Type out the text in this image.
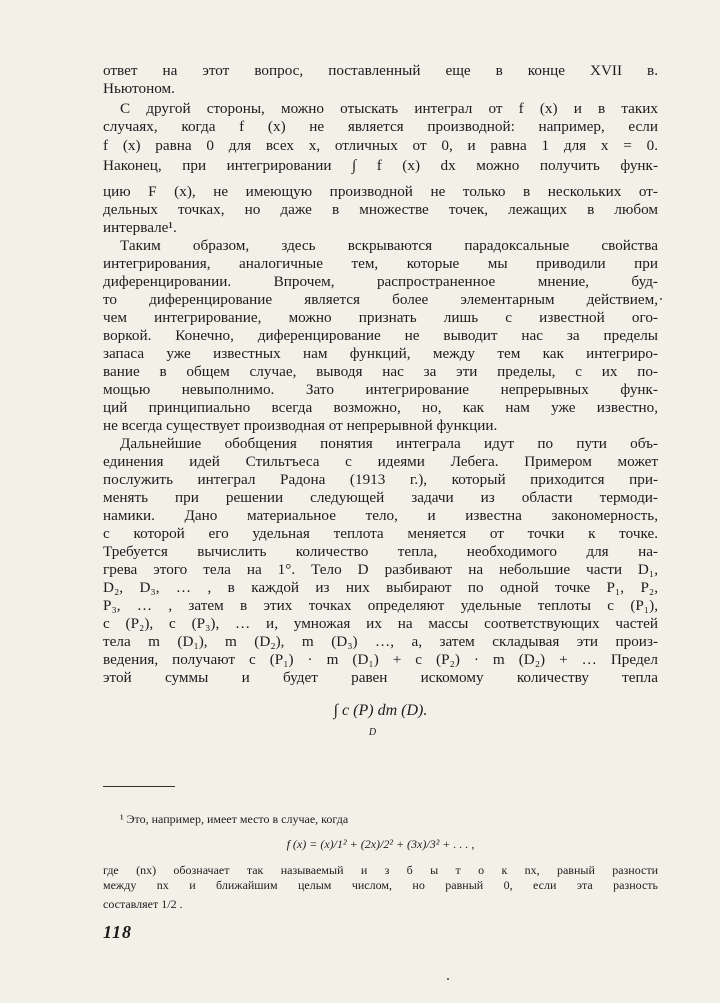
ответ на этот вопрос, поставленный еще в конце XVII в.
Ньютоном.
С другой стороны, можно отыскать интеграл от f (x) и в таких
случаях, когда f (x) не является производной: например, если
f (x) равна 0 для всех x, отличных от 0, и равна 1 для x = 0.
Наконец, при интегрировании ∫ f (x) dx можно получить функ-
цию F (x), не имеющую производной не только в нескольких от-
дельных точках, но даже в множестве точек, лежащих в любом
интервале¹.
Таким образом, здесь вскрываются парадоксальные свойства
интегрирования, аналогичные тем, которые мы приводили при
диференцировании. Впрочем, распространенное мнение, буд-
то диференцирование является более элементарным действием,
чем интегрирование, можно признать лишь с известной ого-
воркой. Конечно, диференцирование не выводит нас за пределы
запаса уже известных нам функций, между тем как интегриро-
вание в общем случае, выводя нас за эти пределы, с их по-
мощью невыполнимо. Зато интегрирование непрерывных функ-
ций принципиально всегда возможно, но, как нам уже известно,
не всегда существует производная от непрерывной функции.
Дальнейшие обобщения понятия интеграла идут по пути объ-
единения идей Стильтъеса с идеями Лебега. Примером может
послужить интеграл Радона (1913 г.), который приходится при-
менять при решении следующей задачи из области термоди-
намики. Дано материальное тело, и известна закономерность,
с которой его удельная теплота меняется от точки к точке.
Требуется вычислить количество тепла, необходимого для на-
грева этого тела на 1°. Тело D разбивают на небольшие части D₁,
D₂, D₃, … , в каждой из них выбирают по одной точке P₁, P₂,
P₃, … , затем в этих точках определяют удельные теплоты c (P₁),
c (P₂), c (P₃), … и, умножая их на массы соответствующих частей
тела m (D₁), m (D₂), m (D₃) …, а, затем складывая эти произ-
ведения, получают c (P₁) · m (D₁) + c (P₂) · m (D₂) + … Предел
этой суммы и будет равен искомому количеству тепла
∫ c (P) dm (D).
D
¹ Это, например, имеет место в случае, когда
f (x) = (x)/1² + (2x)/2² + (3x)/3² + . . . ,
где (nx) обозначает так называемый и з б ы т о к nx, равный разности
между nx и ближайшим целым числом, но равный 0, если эта разность
составляет 1/2 .
118
